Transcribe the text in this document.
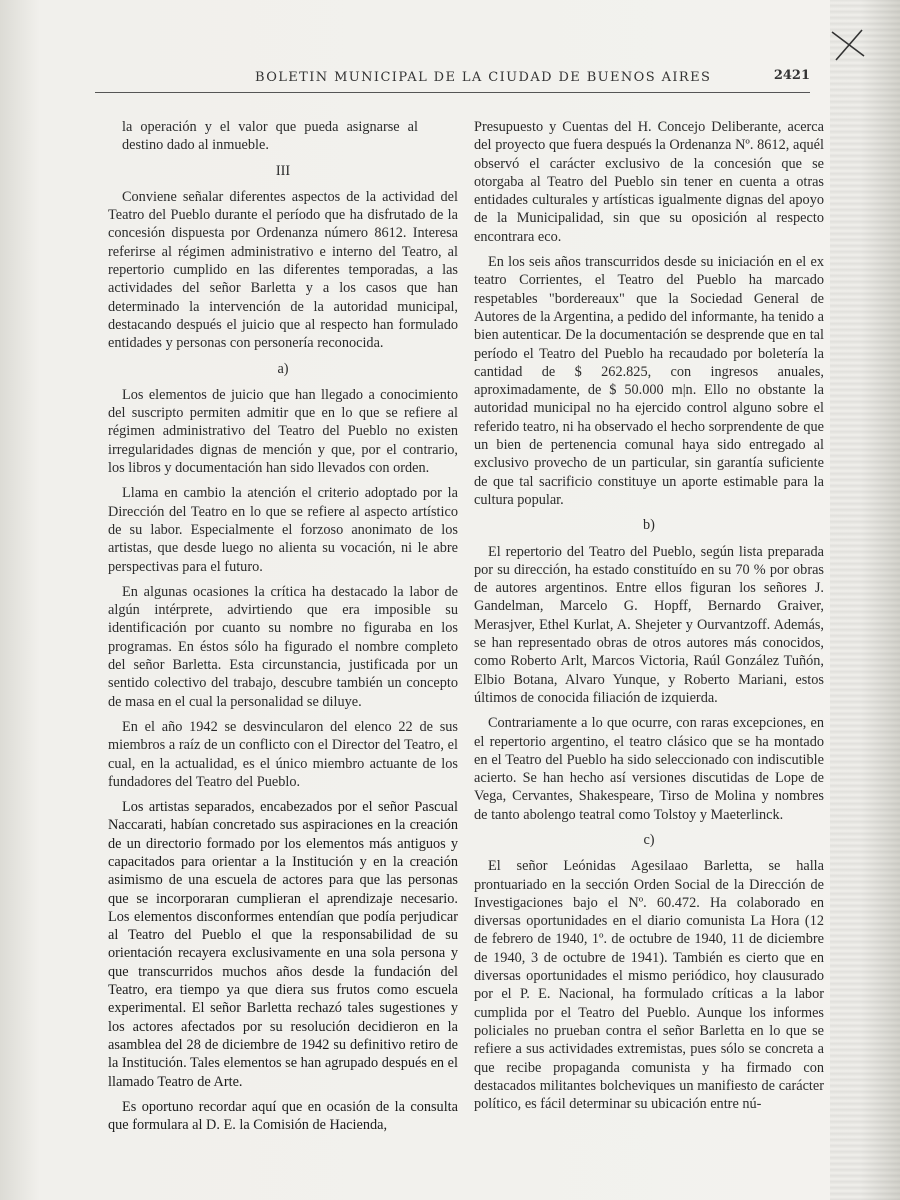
BOLETIN MUNICIPAL DE LA CIUDAD DE BUENOS AIRES	2421

la operación y el valor que pueda asignarse al destino dado al inmueble.

III

Conviene señalar diferentes aspectos de la actividad del Teatro del Pueblo durante el período que ha disfrutado de la concesión dispuesta por Ordenanza número 8612. Interesa referirse al régimen administrativo e interno del Teatro, al repertorio cumplido en las diferentes temporadas, a las actividades del señor Barletta y a los casos que han determinado la intervención de la autoridad municipal, destacando después el juicio que al respecto han formulado entidades y personas con personería reconocida.

a)

Los elementos de juicio que han llegado a conocimiento del suscripto permiten admitir que en lo que se refiere al régimen administrativo del Teatro del Pueblo no existen irregularidades dignas de mención y que, por el contrario, los libros y documentación han sido llevados con orden.

Llama en cambio la atención el criterio adoptado por la Dirección del Teatro en lo que se refiere al aspecto artístico de su labor. Especialmente el forzoso anonimato de los artistas, que desde luego no alienta su vocación, ni le abre perspectivas para el futuro.

En algunas ocasiones la crítica ha destacado la labor de algún intérprete, advirtiendo que era imposible su identificación por cuanto su nombre no figuraba en los programas. En éstos sólo ha figurado el nombre completo del señor Barletta. Esta circunstancia, justificada por un sentido colectivo del trabajo, descubre también un concepto de masa en el cual la personalidad se diluye.

En el año 1942 se desvincularon del elenco 22 de sus miembros a raíz de un conflicto con el Director del Teatro, el cual, en la actualidad, es el único miembro actuante de los fundadores del Teatro del Pueblo.

Los artistas separados, encabezados por el señor Pascual Naccarati, habían concretado sus aspiraciones en la creación de un directorio formado por los elementos más antiguos y capacitados para orientar a la Institución y en la creación asimismo de una escuela de actores para que las personas que se incorporaran cumplieran el aprendizaje necesario. Los elementos disconformes entendían que podía perjudicar al Teatro del Pueblo el que la responsabilidad de su orientación recayera exclusivamente en una sola persona y que transcurridos muchos años desde la fundación del Teatro, era tiempo ya que diera sus frutos como escuela experimental. El señor Barletta rechazó tales sugestiones y los actores afectados por su resolución decidieron en la asamblea del 28 de diciembre de 1942 su definitivo retiro de la Institución. Tales elementos se han agrupado después en el llamado Teatro de Arte.

Es oportuno recordar aquí que en ocasión de la consulta que formulara al D. E. la Comisión de Hacienda,

Presupuesto y Cuentas del H. Concejo Deliberante, acerca del proyecto que fuera después la Ordenanza Nº. 8612, aquél observó el carácter exclusivo de la concesión que se otorgaba al Teatro del Pueblo sin tener en cuenta a otras entidades culturales y artísticas igualmente dignas del apoyo de la Municipalidad, sin que su oposición al respecto encontrara eco.

En los seis años transcurridos desde su iniciación en el ex teatro Corrientes, el Teatro del Pueblo ha marcado respetables "bordereaux" que la Sociedad General de Autores de la Argentina, a pedido del informante, ha tenido a bien autenticar. De la documentación se desprende que en tal período el Teatro del Pueblo ha recaudado por boletería la cantidad de $ 262.825, con ingresos anuales, aproximadamente, de $ 50.000 m|n. Ello no obstante la autoridad municipal no ha ejercido control alguno sobre el referido teatro, ni ha observado el hecho sorprendente de que un bien de pertenencia comunal haya sido entregado al exclusivo provecho de un particular, sin garantía suficiente de que tal sacrificio constituye un aporte estimable para la cultura popular.

b)

El repertorio del Teatro del Pueblo, según lista preparada por su dirección, ha estado constituído en su 70 % por obras de autores argentinos. Entre ellos figuran los señores J. Gandelman, Marcelo G. Hopff, Bernardo Graiver, Merasjver, Ethel Kurlat, A. Shejeter y Ourvantzoff. Además, se han representado obras de otros autores más conocidos, como Roberto Arlt, Marcos Victoria, Raúl González Tuñón, Elbio Botana, Alvaro Yunque, y Roberto Mariani, estos últimos de conocida filiación de izquierda.

Contrariamente a lo que ocurre, con raras excepciones, en el repertorio argentino, el teatro clásico que se ha montado en el Teatro del Pueblo ha sido seleccionado con indiscutible acierto. Se han hecho así versiones discutidas de Lope de Vega, Cervantes, Shakespeare, Tirso de Molina y nombres de tanto abolengo teatral como Tolstoy y Maeterlinck.

c)

El señor Leónidas Agesilaao Barletta, se halla prontuariado en la sección Orden Social de la Dirección de Investigaciones bajo el Nº. 60.472. Ha colaborado en diversas oportunidades en el diario comunista La Hora (12 de febrero de 1940, 1º. de octubre de 1940, 11 de diciembre de 1940, 3 de octubre de 1941). También es cierto que en diversas oportunidades el mismo periódico, hoy clausurado por el P. E. Nacional, ha formulado críticas a la labor cumplida por el Teatro del Pueblo. Aunque los informes policiales no prueban contra el señor Barletta en lo que se refiere a sus actividades extremistas, pues sólo se concreta a que recibe propaganda comunista y ha firmado con destacados militantes bolcheviques un manifiesto de carácter político, es fácil determinar su ubicación entre nú-
